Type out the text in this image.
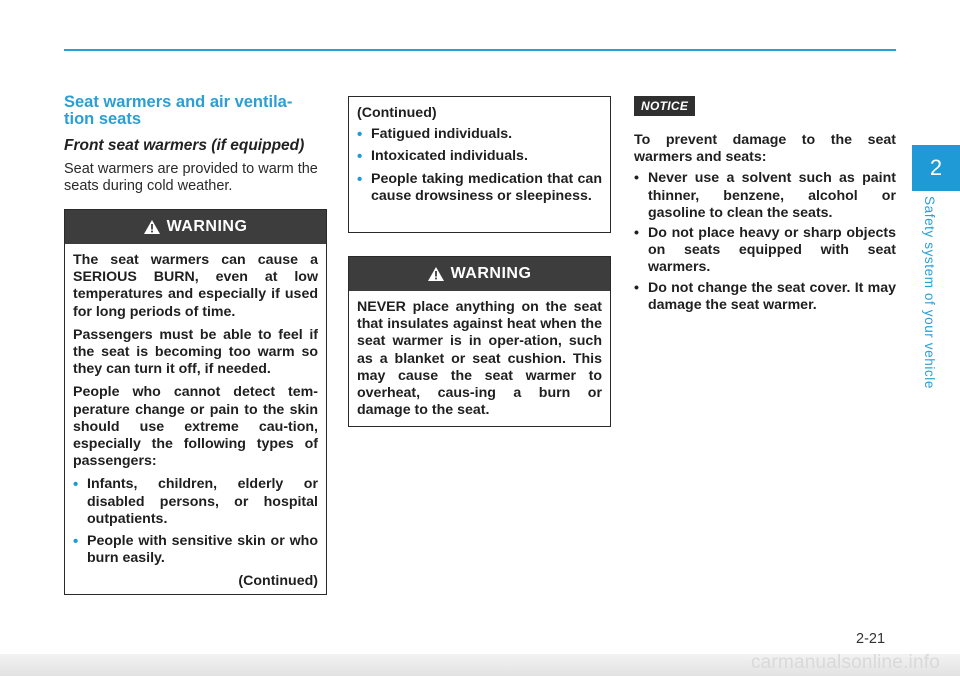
2
Safety system of your vehicle
Seat warmers and air ventila-
tion seats
Front seat warmers (if equipped)

Seat warmers are provided to warm the seats during cold weather.

WARNING

The seat warmers can cause a SERIOUS BURN, even at low temperatures and especially if used for long periods of time.

Passengers must be able to feel if the seat is becoming too warm so they can turn it off, if needed.

People who cannot detect tem-perature change or pain to the skin should use extreme cau-tion, especially the following types of passengers:

• Infants, children, elderly or disabled persons, or hospital outpatients.
• People with sensitive skin or who burn easily.

(Continued)

(Continued)

• Fatigued individuals.
• Intoxicated individuals.
• People taking medication that can cause drowsiness or sleepiness.
WARNING

NEVER place anything on the seat that insulates against heat when the seat warmer is in oper-ation, such as a blanket or seat cushion. This may cause the seat warmer to overheat, caus-ing a burn or damage to the seat.

NOTICE

To prevent damage to the seat warmers and seats:

• Never use a solvent such as paint thinner, benzene, alcohol or gasoline to clean the seats.
• Do not place heavy or sharp objects on seats equipped with seat warmers.
• Do not change the seat cover. It may damage the seat warmer.
2-21
carmanualsonline.info
